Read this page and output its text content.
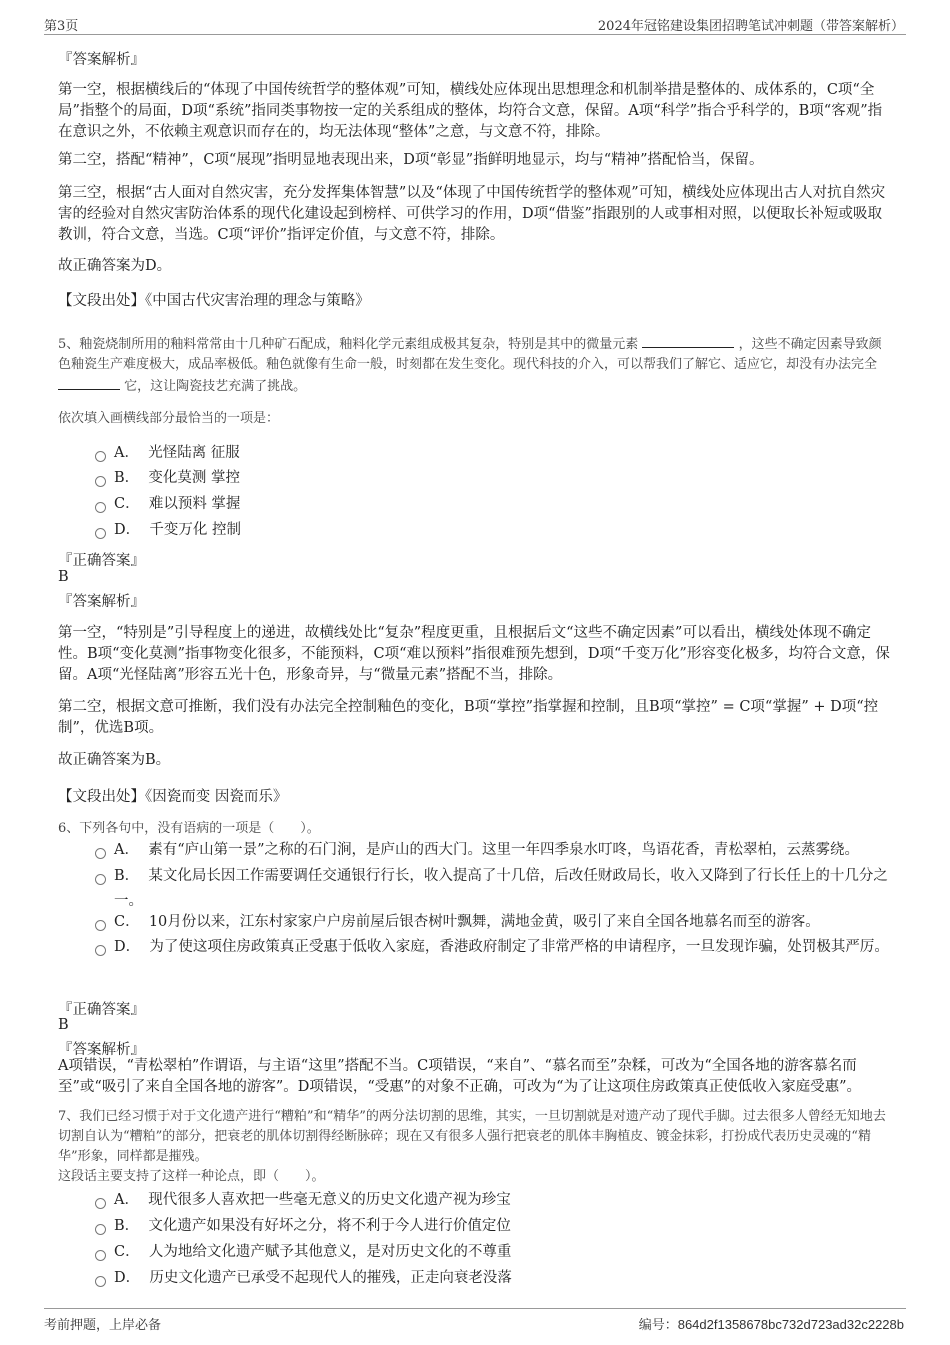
第3页	2024年冠铭建设集团招聘笔试冲刺题（带答案解析）
『答案解析』
第一空，根据横线后的“体现了中国传统哲学的整体观”可知，横线处应体现出思想理念和机制举措是整体的、成体系的，C项“全局”指整个的局面，D项“系统”指同类事物按一定的关系组成的整体，均符合文意，保留。A项“科学”指合乎科学的，B项“客观”指在意识之外，不依赖主观意识而存在的，均无法体现“整体”之意，与文意不符，排除。
第二空，搭配“精神”，C项“展现”指明显地表现出来，D项“彰显”指鲜明地显示，均与“精神”搭配恰当，保留。
第三空，根据“古人面对自然灾害，充分发挥集体智慧”以及“体现了中国传统哲学的整体观”可知，横线处应体现出古人对抗自然灾害的经验对自然灾害防治体系的现代化建设起到榜样、可供学习的作用，D项“借鉴”指跟别的人或事相对照，以便取长补短或吸取教训，符合文意，当选。C项“评价”指评定价值，与文意不符，排除。
故正确答案为D。
【文段出处】《中国古代灾害治理的理念与策略》
5、釉瓷烧制所用的釉料常常由十几种矿石配成，釉料化学元素组成极其复杂，特别是其中的微量元素	，这些不确定因素导致颜色釉瓷生产难度极大，成品率极低。釉色就像有生命一般，时刻都在发生变化。现代科技的介入，可以帮我们了解它、适应它，却没有办法完全  它，这让陶瓷技艺充满了挑战。
依次填入画横线部分最恰当的一项是：
A． 光怪陆离 征服
B． 变化莫测 掌控
C． 难以预料 掌握
D． 千变万化 控制
『正确答案』
B
『答案解析』
第一空，“特别是”引导程度上的递进，故横线处比“复杂”程度更重，且根据后文“这些不确定因素”可以看出，横线处体现不确定性。B项“变化莫测”指事物变化很多，不能预料，C项“难以预料”指很难预先想到，D项“千变万化”形容变化极多，均符合文意，保留。A项“光怪陆离”形容五光十色，形象奇异，与“微量元素”搭配不当，排除。
第二空，根据文意可推断，我们没有办法完全控制釉色的变化，B项“掌控”指掌握和控制，且B项“掌控” = C项“掌握” + D项“控制”，优选B项。
故正确答案为B。
【文段出处】《因瓷而变 因瓷而乐》
6、下列各句中，没有语病的一项是（　　）。
A． 素有“庐山第一景”之称的石门涧，是庐山的西大门。这里一年四季泉水叮咚，鸟语花香，青松翠柏，云蒸雾绕。
B． 某文化局长因工作需要调任交通银行行长，收入提高了十几倍，后改任财政局长，收入又降到了行长任上的十几分之一。
C． 10月份以来，江东村家家户户房前屋后银杏树叶飘舞，满地金黄，吸引了来自全国各地慕名而至的游客。
D． 为了使这项住房政策真正受惠于低收入家庭，香港政府制定了非常严格的申请程序，一旦发现诈骗，处罚极其严厉。
『正确答案』
B
『答案解析』
A项错误，“青松翠柏”作谓语，与主语“这里”搭配不当。C项错误，“来自”、“慕名而至”杂糅，可改为“全国各地的游客慕名而至”或“吸引了来自全国各地的游客”。D项错误，“受惠”的对象不正确，可改为“为了让这项住房政策真正使低收入家庭受惠”。
7、我们已经习惯于对于文化遗产进行“糟粕”和“精华”的两分法切割的思维，其实，一旦切割就是对遗产动了现代手脚。过去很多人曾经无知地去切割自认为“糟粕”的部分，把衰老的肌体切割得经断脉碎；现在又有很多人强行把衰老的肌体丰胸植皮、镀金抹彩，打扮成代表历史灵魂的“精华”形象，同样都是摧残。
这段话主要支持了这样一种论点，即（　　）。
A． 现代很多人喜欢把一些毫无意义的历史文化遗产视为珍宝
B． 文化遗产如果没有好坏之分，将不利于今人进行价值定位
C． 人为地给文化遗产赋予其他意义，是对历史文化的不尊重
D． 历史文化遗产已承受不起现代人的摧残，正走向衰老没落
考前押题，上岸必备	编号：864d2f1358678bc732d723ad32c2228b
